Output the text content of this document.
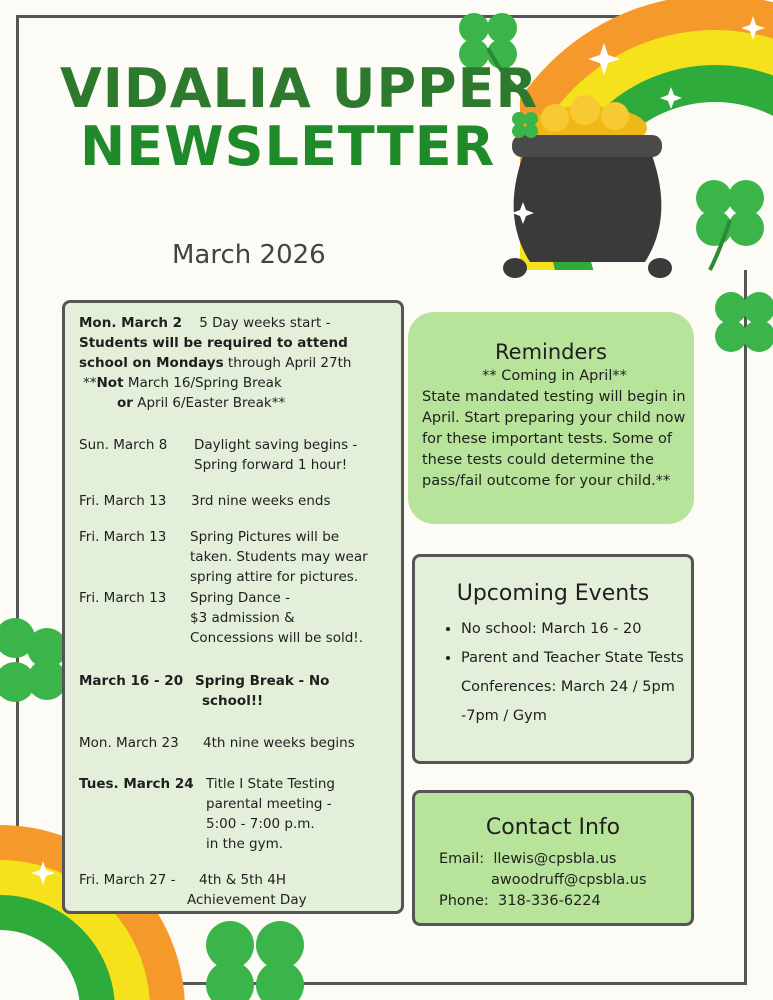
VIDALIA UPPER
NEWSLETTER
March 2026
Mon. March 2 5 Day weeks start -
Students will be required to attend
school on Mondays through April 27th
**Not March 16/Spring Break
or April 6/Easter Break**
Sun. March 8 Daylight saving begins -
Spring forward 1 hour!
Fri. March 13 3rd nine weeks ends
Fri. March 13 Spring Pictures will be
taken. Students may wear
spring attire for pictures.
Fri. March 13 Spring Dance -
$3 admission &
Concessions will be sold!.
March 16 - 20 Spring Break - No
school!!
Mon. March 23 4th nine weeks begins
Tues. March 24 Title I State Testing
parental meeting -
5:00 - 7:00 p.m.
in the gym.
Fri. March 27 - 4th & 5th 4H
Achievement Day
Reminders
** Coming in April**
State mandated testing will begin in April. Start preparing your child now for these important tests. Some of these tests could determine the pass/fail outcome for your child.**
Upcoming Events
• No school: March 16 - 20
• Parent and Teacher State Tests Conferences: March 24 / 5pm -7pm / Gym
Contact Info
Email: llewis@cpsbla.us
awoodruff@cpsbla.us
Phone: 318-336-6224
